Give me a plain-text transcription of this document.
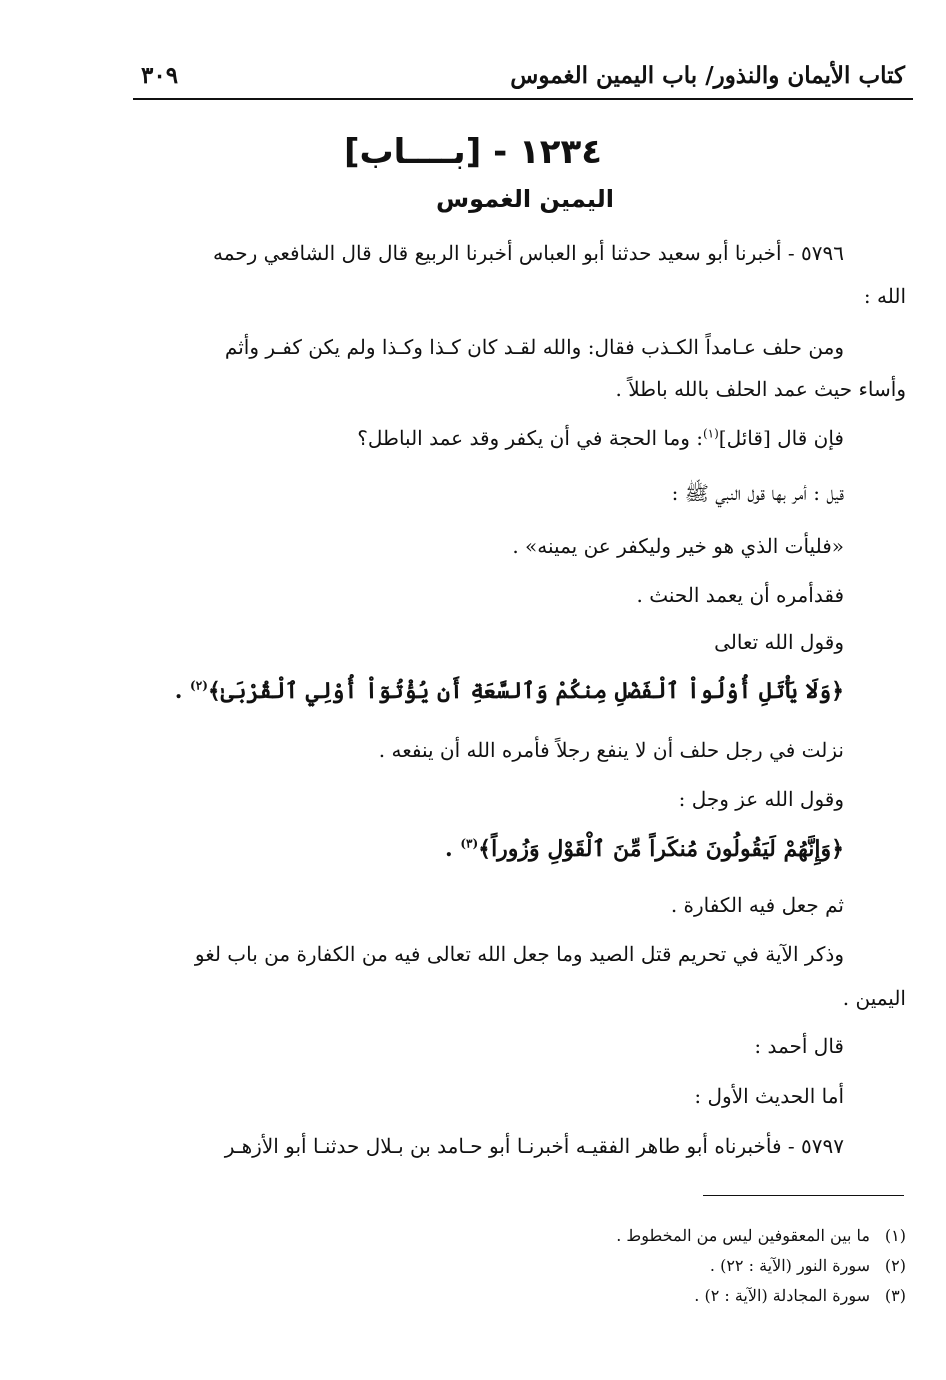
كتاب الأيمان والنذور/ باب اليمين الغموس
٣٠٩
١٢٣٤ - [بــــاب]
اليمين الغموس
٥٧٩٦ - أخبرنا أبو سعيد حدثنا أبو العباس أخبرنا الربيع قال قال الشافعي رحمه
الله :
ومن حلف عـامداً الكـذب فقال: والله لقـد كان كـذا وكـذا ولم يكن كفـر وأثم
وأساء حيث عمد الحلف بالله باطلاً .
فإن قال [قائل]$^{(١)}$: وما الحجة في أن يكفر وقد عمد الباطل؟
قيل : أمر بها قول النبي ﷺ :
«فليأت الذي هو خير وليكفر عن يمينه» .
فقدأمره أن يعمد الحنث .
وقول الله تعالى
﴿وَلَا يَأْتَلِ أُوْلُواْ ٱلْفَضْلِ مِنكُمْ وَٱلسَّعَةِ أَن يُؤْتُوٓاْ أُوْلِي ٱلْقُرْبَىٰ﴾$^{(٢)}$ .
نزلت في رجل حلف أن لا ينفع رجلاً فأمره الله أن ينفعه .
وقول الله عز وجل :
﴿وَإِنَّهُمْ لَيَقُولُونَ مُنكَراً مِّنَ ٱلْقَوْلِ وَزُوراً﴾$^{(٣)}$ .
ثم جعل فيه الكفارة .
وذكر الآية في تحريم قتل الصيد وما جعل الله تعالى فيه من الكفارة من باب لغو
اليمين .
قال أحمد :
أما الحديث الأول :
٥٧٩٧ - فأخبرناه أبو طاهر الفقيـه أخبرنـا أبو حـامد بن بـلال حدثنـا أبو الأزهـر
(١)ما بين المعقوفين ليس من المخطوط .
(٢)سورة النور (الآية : ٢٢) .
(٣)سورة المجادلة (الآية : ٢) .
